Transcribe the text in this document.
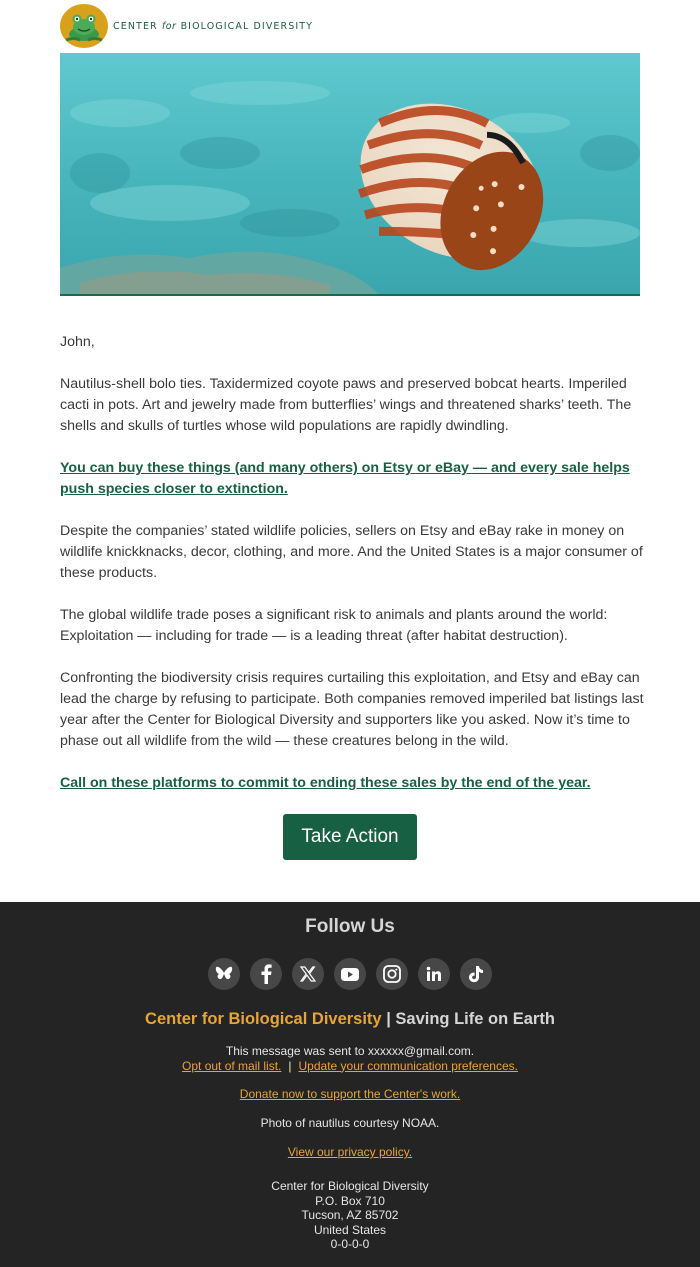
CENTER for BIOLOGICAL DIVERSITY

John,

Nautilus-shell bolo ties. Taxidermized coyote paws and preserved bobcat hearts. Imperiled cacti in pots. Art and jewelry made from butterflies’ wings and threatened sharks’ teeth. The shells and skulls of turtles whose wild populations are rapidly dwindling.

You can buy these things (and many others) on Etsy or eBay — and every sale helps push species closer to extinction.

Despite the companies’ stated wildlife policies, sellers on Etsy and eBay rake in money on wildlife knickknacks, decor, clothing, and more. And the United States is a major consumer of these products.

The global wildlife trade poses a significant risk to animals and plants around the world: Exploitation — including for trade — is a leading threat (after habitat destruction).

Confronting the biodiversity crisis requires curtailing this exploitation, and Etsy and eBay can lead the charge by refusing to participate. Both companies removed imperiled bat listings last year after the Center for Biological Diversity and supporters like you asked. Now it’s time to phase out all wildlife from the wild — these creatures belong in the wild.

Call on these platforms to commit to ending these sales by the end of the year.

Take Action
Follow Us
Center for Biological Diversity | Saving Life on Earth
This message was sent to xxxxxx@gmail.com.
Opt out of mail list. | Update your communication preferences.
Donate now to support the Center's work.
Photo of nautilus courtesy NOAA.
View our privacy policy.
Center for Biological Diversity
P.O. Box 710
Tucson, AZ 85702
United States
0-0-0-0
